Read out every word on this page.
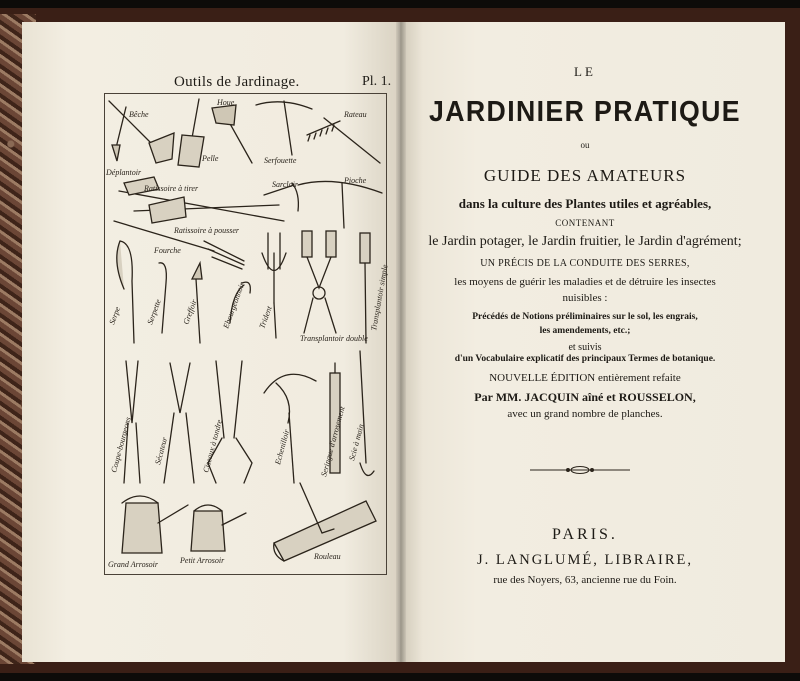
Outils de Jardinage.	Pl. 1.
Bêche
Houe
Rateau
Pelle	Serfouette
Déplantoir
Ratissoire à tirer	Sarcloir	Pioche
Ratissoire à pousser
Fourche
Serpe	Serpette Greffoir	Ebourgeonnoir Trident
Transplantoir double
Transplantoir simple
Coupe-bourgeons	Sécateur	Ciseaux à tondre	Echenilloir	Seringue d'arrosement Scie à main
Grand Arrosoir	Petit Arrosoir	Rouleau
LE
JARDINIER PRATIQUE
ou
GUIDE DES AMATEURS
dans la culture des Plantes utiles et agréables,
CONTENANT
le Jardin potager, le Jardin fruitier, le Jardin d'agrément;
UN PRÉCIS DE LA CONDUITE DES SERRES,
les moyens de guérir les maladies et de détruire les insectes
nuisibles :
Précédés de Notions préliminaires sur le sol, les engrais,
les amendements, etc.;
et suivis
d'un Vocabulaire explicatif des principaux Termes de botanique.
NOUVELLE ÉDITION entièrement refaite
Par MM. JACQUIN aîné et ROUSSELON,
avec un grand nombre de planches.
PARIS.
J. LANGLUMÉ, LIBRAIRE,
rue des Noyers, 63, ancienne rue du Foin.
